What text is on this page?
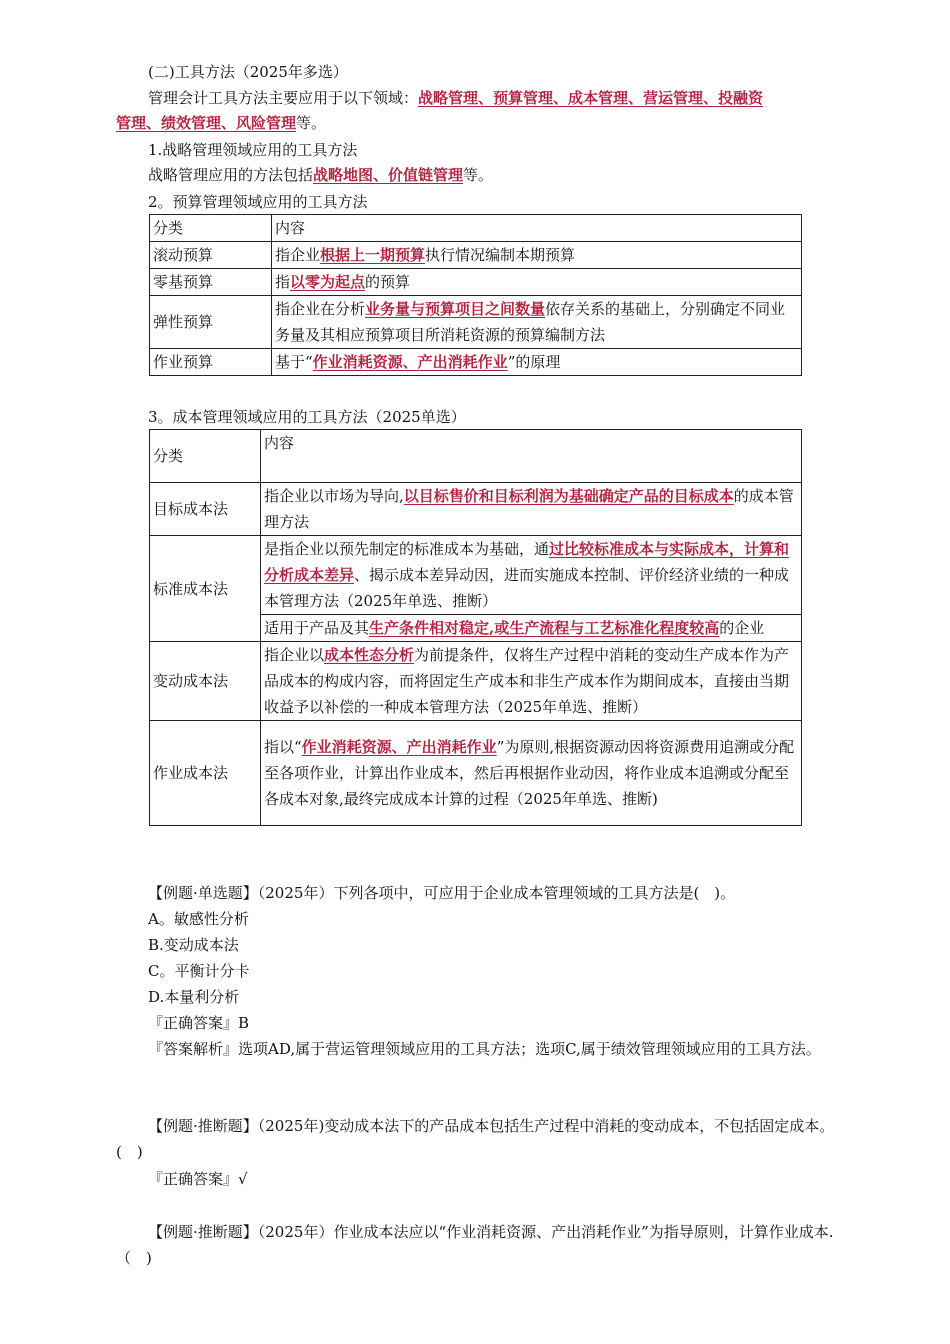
(二)工具方法（2025年多选）
管理会计工具方法主要应用于以下领域：战略管理、预算管理、成本管理、营运管理、投融资
管理、绩效管理、风险管理等。
1.战略管理领域应用的工具方法
战略管理应用的方法包括战略地图、价值链管理等。
2。预算管理领域应用的工具方法
分类	内容
滚动预算	指企业根据上一期预算执行情况编制本期预算
零基预算	指以零为起点的预算
弹性预算	指企业在分析业务量与预算项目之间数量依存关系的基础上，分别确定不同业务量及其相应预算项目所消耗资源的预算编制方法
作业预算	基于“作业消耗资源、产出消耗作业”的原理
3。成本管理领域应用的工具方法（2025单选）
分类	内容
目标成本法	指企业以市场为导向,以目标售价和目标利润为基础确定产品的目标成本的成本管理方法
标准成本法	是指企业以预先制定的标准成本为基础，通过比较标准成本与实际成本，计算和分析成本差异、揭示成本差异动因，进而实施成本控制、评价经济业绩的一种成本管理方法（2025年单选、推断）
适用于产品及其生产条件相对稳定,或生产流程与工艺标准化程度较高的企业

变动成本法	指企业以成本性态分析为前提条件，仅将生产过程中消耗的变动生产成本作为产品成本的构成内容，而将固定生产成本和非生产成本作为期间成本，直接由当期收益予以补偿的一种成本管理方法（2025年单选、推断）
作业成本法	指以“作业消耗资源、产出消耗作业”为原则,根据资源动因将资源费用追溯或分配至各项作业，计算出作业成本，然后再根据作业动因，将作业成本追溯或分配至各成本对象,最终完成成本计算的过程（2025年单选、推断)
【例题·单选题】（2025年）下列各项中，可应用于企业成本管理领域的工具方法是(　)。
A。敏感性分析
B.变动成本法
C。平衡计分卡
D.本量利分析
『正确答案』B
『答案解析』选项AD,属于营运管理领域应用的工具方法；选项C,属于绩效管理领域应用的工具方法。
【例题·推断题】（2025年)变动成本法下的产品成本包括生产过程中消耗的变动成本，不包括固定成本。(　)
『正确答案』√
【例题·推断题】（2025年）作业成本法应以“作业消耗资源、产出消耗作业”为指导原则，计算作业成本.（　)
